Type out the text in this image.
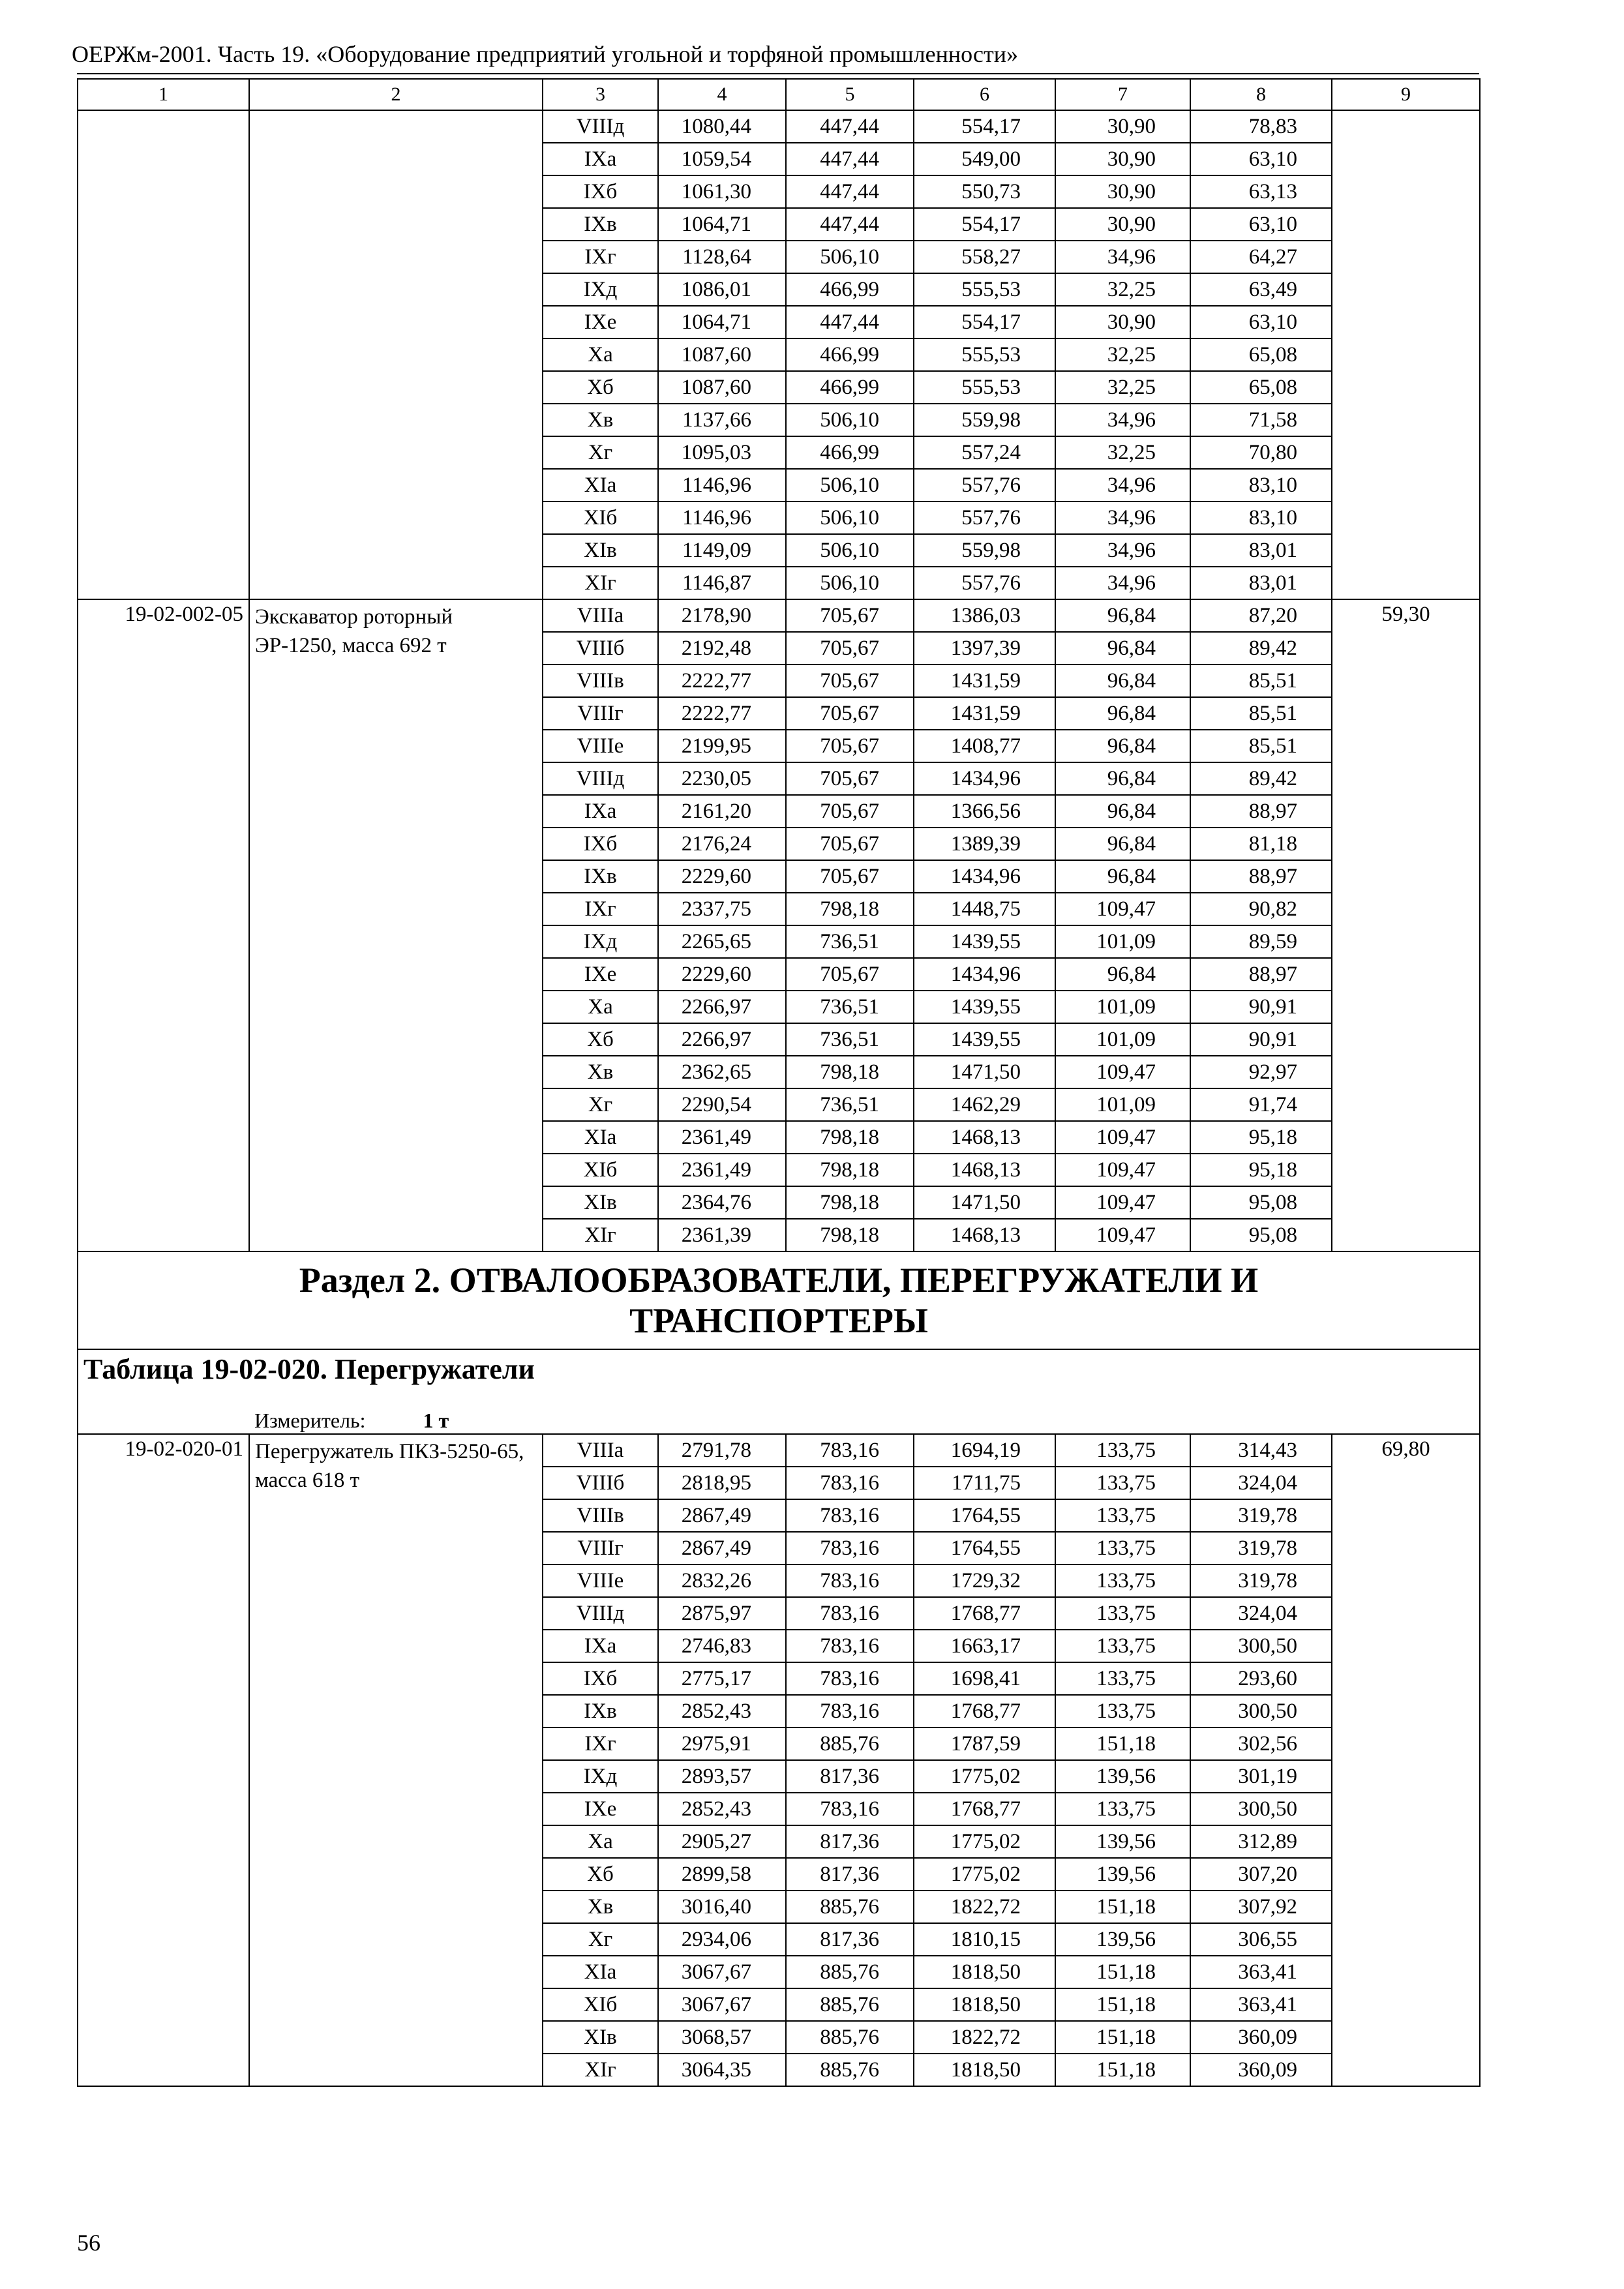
ОЕРЖм-2001. Часть 19. «Оборудование предприятий угольной и торфяной промышленности»
1	2	3	4	5	6	7	8	9
		VIIIд	1080,44	447,44	554,17	30,90	78,83	
		IXа	1059,54	447,44	549,00	30,90	63,10	
		IXб	1061,30	447,44	550,73	30,90	63,13	
		IXв	1064,71	447,44	554,17	30,90	63,10	
		IXг	1128,64	506,10	558,27	34,96	64,27	
		IXд	1086,01	466,99	555,53	32,25	63,49	
		IXе	1064,71	447,44	554,17	30,90	63,10	
		Xа	1087,60	466,99	555,53	32,25	65,08	
		Xб	1087,60	466,99	555,53	32,25	65,08	
		Xв	1137,66	506,10	559,98	34,96	71,58	
		Xг	1095,03	466,99	557,24	32,25	70,80	
		XIа	1146,96	506,10	557,76	34,96	83,10	
		XIб	1146,96	506,10	557,76	34,96	83,10	
		XIв	1149,09	506,10	559,98	34,96	83,01	
		XIг	1146,87	506,10	557,76	34,96	83,01	
19-02-002-05	Экскаватор роторный ЭР-1250, масса 692 т	VIIIа	2178,90	705,67	1386,03	96,84	87,20	59,30
		VIIIб	2192,48	705,67	1397,39	96,84	89,42	
		VIIIв	2222,77	705,67	1431,59	96,84	85,51	
		VIIIг	2222,77	705,67	1431,59	96,84	85,51	
		VIIIе	2199,95	705,67	1408,77	96,84	85,51	
		VIIIд	2230,05	705,67	1434,96	96,84	89,42	
		IXа	2161,20	705,67	1366,56	96,84	88,97	
		IXб	2176,24	705,67	1389,39	96,84	81,18	
		IXв	2229,60	705,67	1434,96	96,84	88,97	
		IXг	2337,75	798,18	1448,75	109,47	90,82	
		IXд	2265,65	736,51	1439,55	101,09	89,59	
		IXе	2229,60	705,67	1434,96	96,84	88,97	
		Xа	2266,97	736,51	1439,55	101,09	90,91	
		Xб	2266,97	736,51	1439,55	101,09	90,91	
		Xв	2362,65	798,18	1471,50	109,47	92,97	
		Xг	2290,54	736,51	1462,29	101,09	91,74	
		XIа	2361,49	798,18	1468,13	109,47	95,18	
		XIб	2361,49	798,18	1468,13	109,47	95,18	
		XIв	2364,76	798,18	1471,50	109,47	95,08	
		XIг	2361,39	798,18	1468,13	109,47	95,08	
Раздел 2. ОТВАЛООБРАЗОВАТЕЛИ, ПЕРЕГРУЖАТЕЛИ И ТРАНСПОРТЕРЫ								
Таблица 19-02-020. Перегружатели								
Измеритель: 1 т								
19-02-020-01	Перегружатель ПКЗ-5250-65, масса 618 т	VIIIа	2791,78	783,16	1694,19	133,75	314,43	69,80
		VIIIб	2818,95	783,16	1711,75	133,75	324,04	
		VIIIв	2867,49	783,16	1764,55	133,75	319,78	
		VIIIг	2867,49	783,16	1764,55	133,75	319,78	
		VIIIе	2832,26	783,16	1729,32	133,75	319,78	
		VIIIд	2875,97	783,16	1768,77	133,75	324,04	
		IXа	2746,83	783,16	1663,17	133,75	300,50	
		IXб	2775,17	783,16	1698,41	133,75	293,60	
		IXв	2852,43	783,16	1768,77	133,75	300,50	
		IXг	2975,91	885,76	1787,59	151,18	302,56	
		IXд	2893,57	817,36	1775,02	139,56	301,19	
		IXе	2852,43	783,16	1768,77	133,75	300,50	
		Xа	2905,27	817,36	1775,02	139,56	312,89	
		Xб	2899,58	817,36	1775,02	139,56	307,20	
		Xв	3016,40	885,76	1822,72	151,18	307,92	
		Xг	2934,06	817,36	1810,15	139,56	306,55	
		XIа	3067,67	885,76	1818,50	151,18	363,41	
		XIб	3067,67	885,76	1818,50	151,18	363,41	
		XIв	3068,57	885,76	1822,72	151,18	360,09	
		XIг	3064,35	885,76	1818,50	151,18	360,09	
56
